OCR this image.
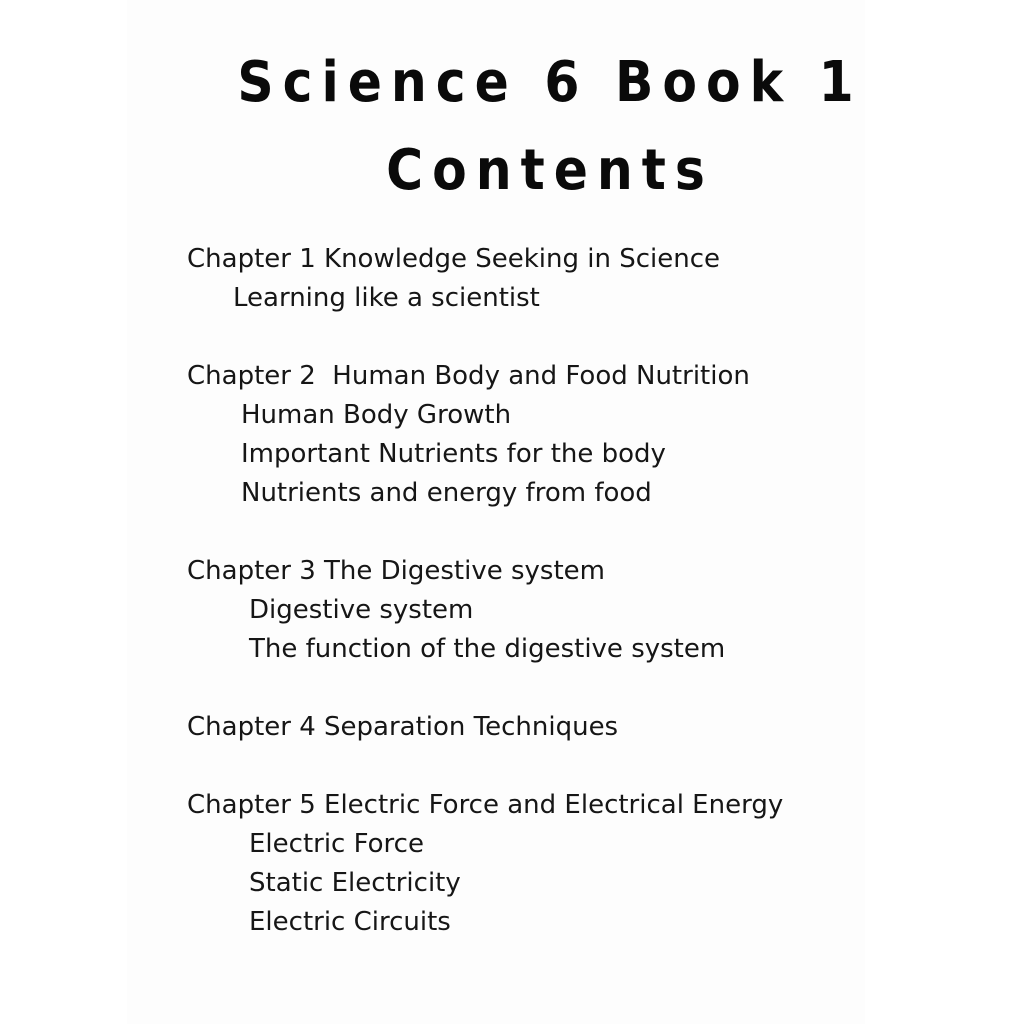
Science 6 Book 1
Contents
Chapter 1 Knowledge Seeking in Science
Learning like a scientist
Chapter 2  Human Body and Food Nutrition
Human Body Growth
Important Nutrients for the body
Nutrients and energy from food
Chapter 3 The Digestive system
Digestive system
The function of the digestive system
Chapter 4 Separation Techniques
Chapter 5 Electric Force and Electrical Energy
Electric Force
Static Electricity
Electric Circuits
